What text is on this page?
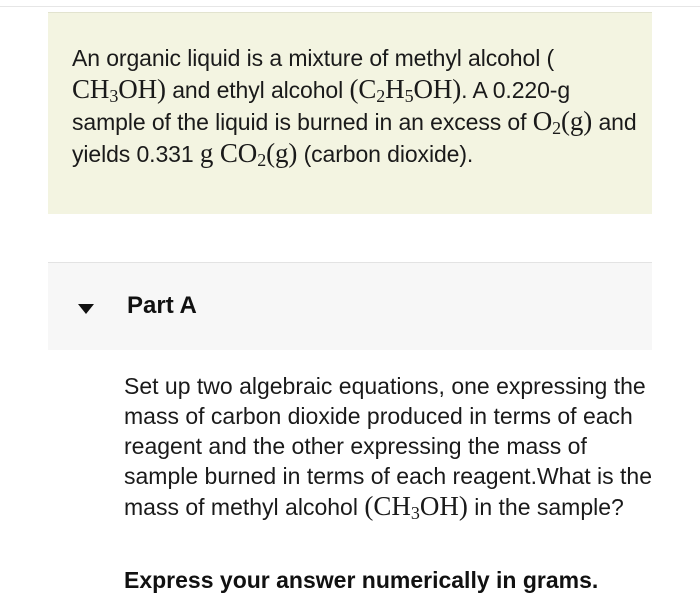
An organic liquid is a mixture of methyl alcohol (
$CH_3OH$) and ethyl alcohol $(C_2H_5OH)$. A 0.220-g sample of the liquid is burned in an excess of $O_2(g)$ and yields 0.331 g $CO_2(g)$ (carbon dioxide).
Part A
Set up two algebraic equations, one expressing the mass of carbon dioxide produced in terms of each reagent and the other expressing the mass of sample burned in terms of each reagent.What is the mass of methyl alcohol $(CH_3OH)$ in the sample?
Express your answer numerically in grams.
